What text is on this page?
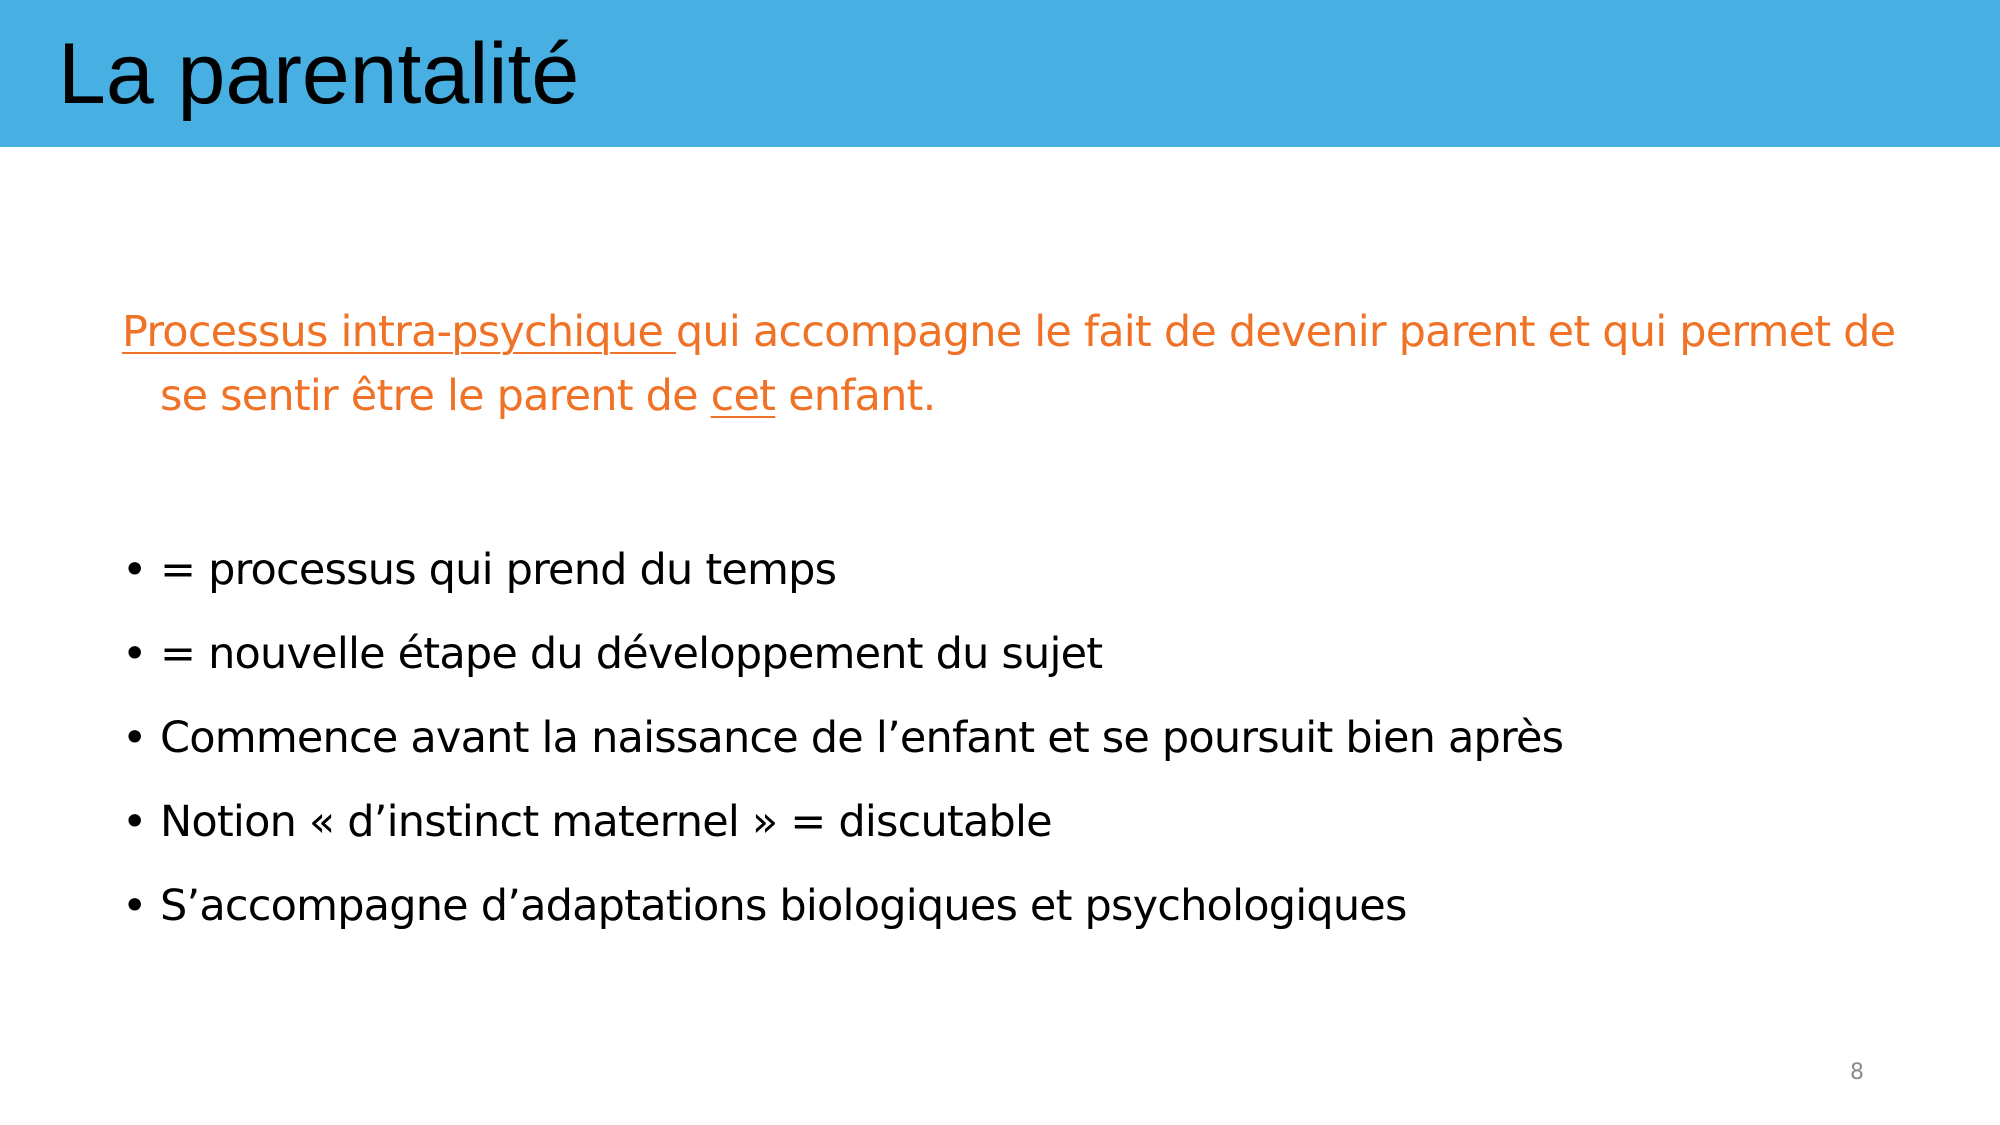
La parentalité

Processus intra-psychique qui accompagne le fait de devenir parent et qui permet de se sentir être le parent de cet enfant.

• = processus qui prend du temps
• = nouvelle étape du développement du sujet
• Commence avant la naissance de l’enfant et se poursuit bien après
• Notion « d’instinct maternel » = discutable
• S’accompagne d’adaptations biologiques et psychologiques
8
